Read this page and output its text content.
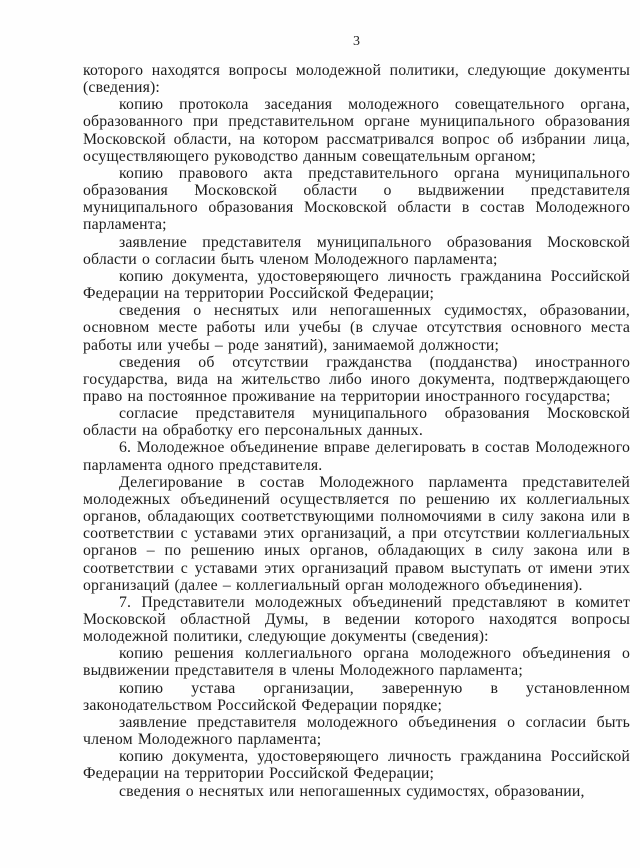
3

которого находятся вопросы молодежной политики, следующие документы (сведения):

копию протокола заседания молодежного совещательного органа, образованного при представительном органе муниципального образования Московской области, на котором рассматривался вопрос об избрании лица, осуществляющего руководство данным совещательным органом;

копию правового акта представительного органа муниципального образования Московской области о выдвижении представителя муниципального образования Московской области в состав Молодежного парламента;

заявление представителя муниципального образования Московской области о согласии быть членом Молодежного парламента;

копию документа, удостоверяющего личность гражданина Российской Федерации на территории Российской Федерации;

сведения о неснятых или непогашенных судимостях, образовании, основном месте работы или учебы (в случае отсутствия основного места работы или учебы – роде занятий), занимаемой должности;

сведения об отсутствии гражданства (подданства) иностранного государства, вида на жительство либо иного документа, подтверждающего право на постоянное проживание на территории иностранного государства;

согласие представителя муниципального образования Московской области на обработку его персональных данных.

6. Молодежное объединение вправе делегировать в состав Молодежного парламента одного представителя.

Делегирование в состав Молодежного парламента представителей молодежных объединений осуществляется по решению их коллегиальных органов, обладающих соответствующими полномочиями в силу закона или в соответствии с уставами этих организаций, а при отсутствии коллегиальных органов – по решению иных органов, обладающих в силу закона или в соответствии с уставами этих организаций правом выступать от имени этих организаций (далее – коллегиальный орган молодежного объединения).

7. Представители молодежных объединений представляют в комитет Московской областной Думы, в ведении которого находятся вопросы молодежной политики, следующие документы (сведения):

копию решения коллегиального органа молодежного объединения о выдвижении представителя в члены Молодежного парламента;

копию устава организации, заверенную в установленном законодательством Российской Федерации порядке;

заявление представителя молодежного объединения о согласии быть членом Молодежного парламента;

копию документа, удостоверяющего личность гражданина Российской Федерации на территории Российской Федерации;

сведения о неснятых или непогашенных судимостях, образовании,
